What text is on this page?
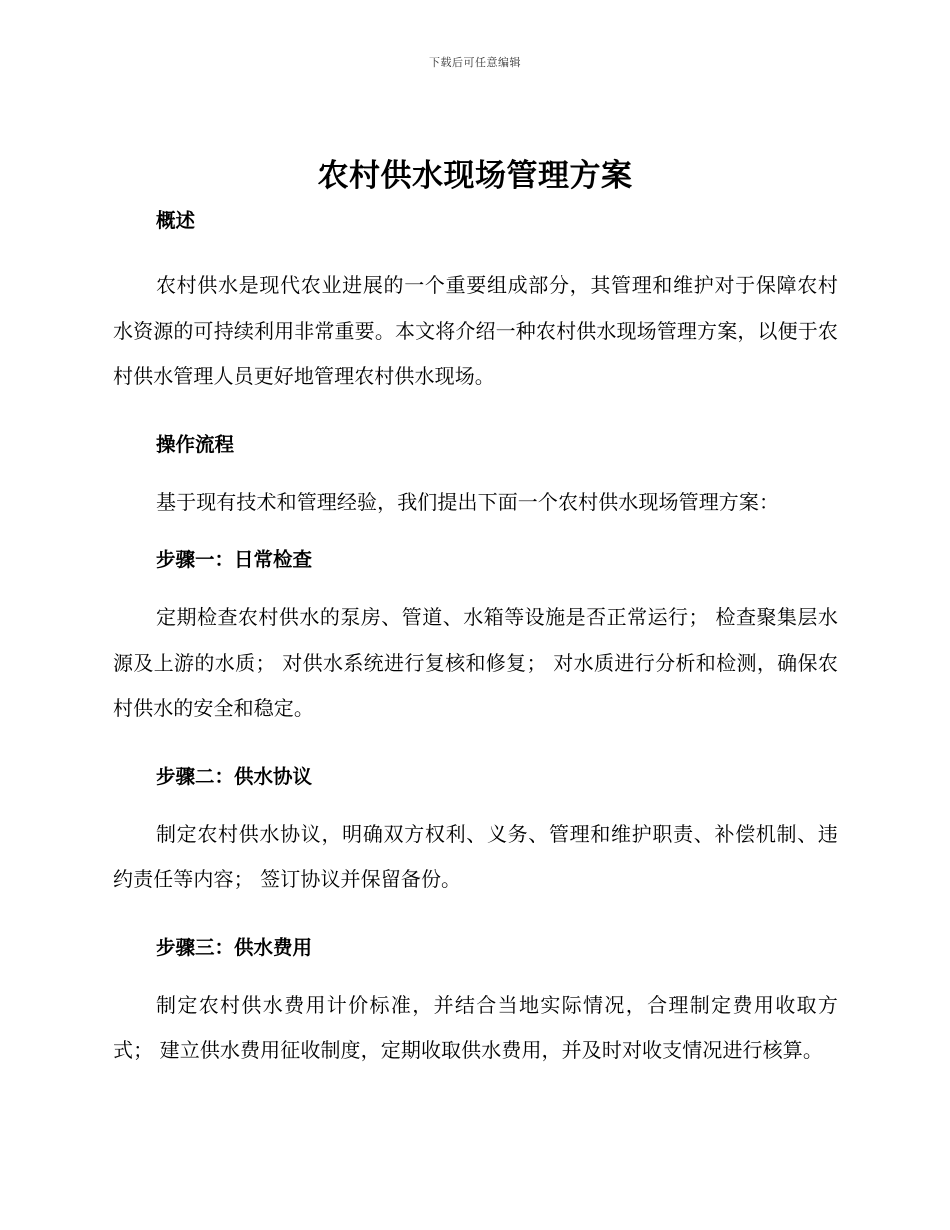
下载后可任意编辑
农村供水现场管理方案
概述

农村供水是现代农业进展的一个重要组成部分，其管理和维护对于保障农村水资源的可持续利用非常重要。本文将介绍一种农村供水现场管理方案，以便于农村供水管理人员更好地管理农村供水现场。

操作流程

基于现有技术和管理经验，我们提出下面一个农村供水现场管理方案：

步骤一：日常检查

定期检查农村供水的泵房、管道、水箱等设施是否正常运行； 检查聚集层水源及上游的水质； 对供水系统进行复核和修复； 对水质进行分析和检测，确保农村供水的安全和稳定。

步骤二：供水协议

制定农村供水协议，明确双方权利、义务、管理和维护职责、补偿机制、违约责任等内容； 签订协议并保留备份。

步骤三：供水费用

制定农村供水费用计价标准，并结合当地实际情况，合理制定费用收取方式； 建立供水费用征收制度，定期收取供水费用，并及时对收支情况进行核算。
